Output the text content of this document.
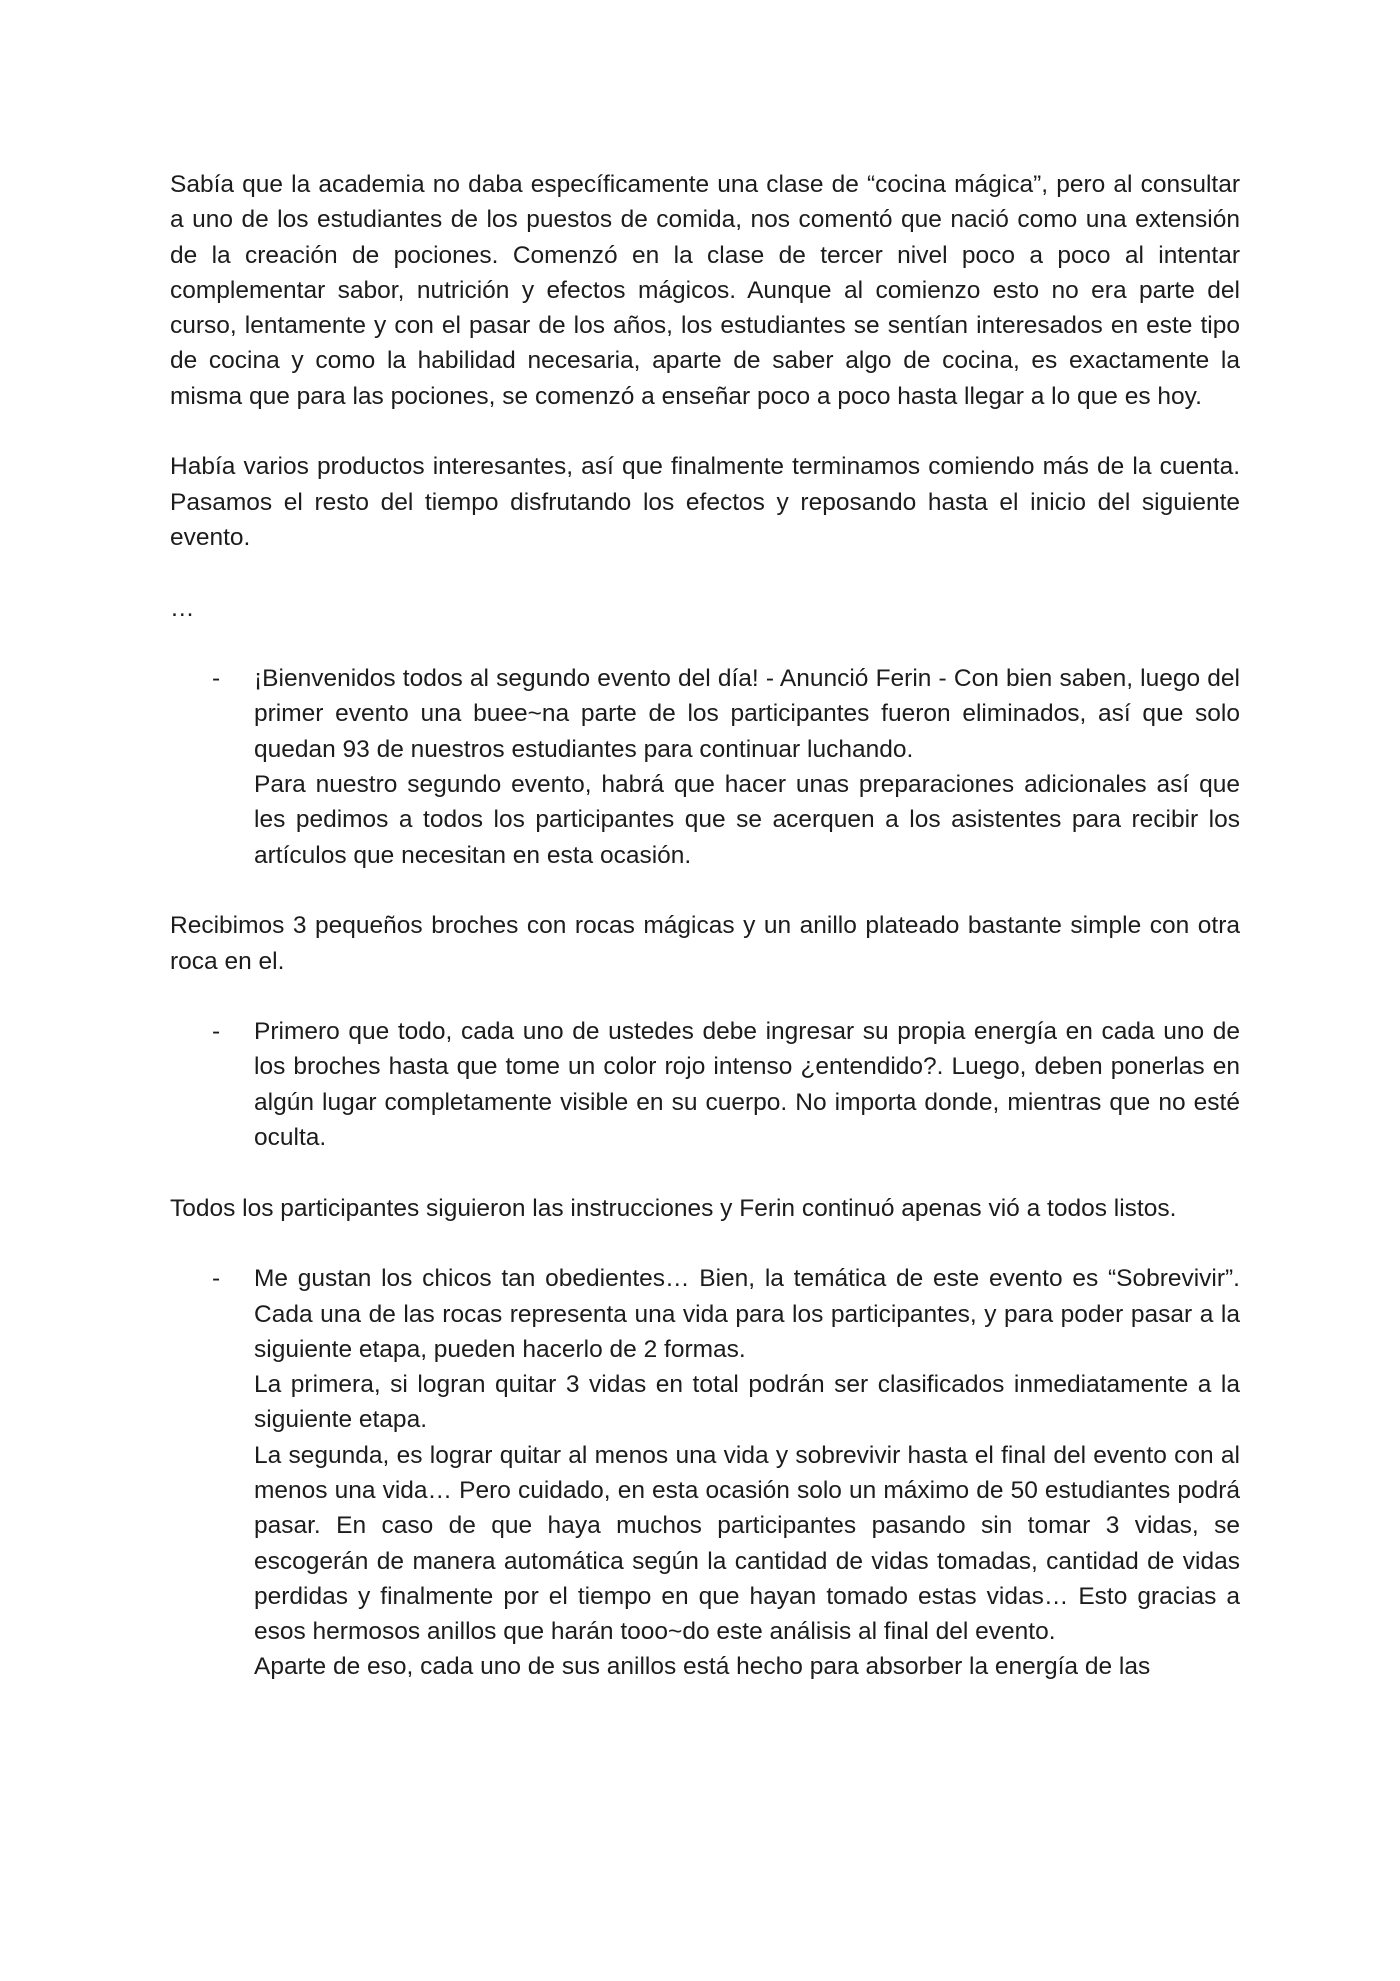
Sabía que la academia no daba específicamente una clase de “cocina mágica”, pero al consultar a uno de los estudiantes de los puestos de comida, nos comentó que nació como una extensión de la creación de pociones. Comenzó en la clase de tercer nivel poco a poco al intentar complementar sabor, nutrición y efectos mágicos. Aunque al comienzo esto no era parte del curso, lentamente y con el pasar de los años, los estudiantes se sentían interesados en este tipo de cocina y como la habilidad necesaria, aparte de saber algo de cocina, es exactamente la misma que para las pociones, se comenzó a enseñar poco a poco hasta llegar a lo que es hoy.

Había varios productos interesantes, así que finalmente terminamos comiendo más de la cuenta. Pasamos el resto del tiempo disfrutando los efectos y reposando hasta el inicio del siguiente evento.

…

- ¡Bienvenidos todos al segundo evento del día! - Anunció Ferin - Con bien saben, luego del primer evento una buee~na parte de los participantes fueron eliminados, así que solo quedan 93 de nuestros estudiantes para continuar luchando.

Para nuestro segundo evento, habrá que hacer unas preparaciones adicionales así que les pedimos a todos los participantes que se acerquen a los asistentes para recibir los artículos que necesitan en esta ocasión.

Recibimos 3 pequeños broches con rocas mágicas y un anillo plateado bastante simple con otra roca en el.

- Primero que todo, cada uno de ustedes debe ingresar su propia energía en cada uno de los broches hasta que tome un color rojo intenso ¿entendido?. Luego, deben ponerlas en algún lugar completamente visible en su cuerpo. No importa donde, mientras que no esté oculta.

Todos los participantes siguieron las instrucciones y Ferin continuó apenas vió a todos listos.

- Me gustan los chicos tan obedientes… Bien, la temática de este evento es “Sobrevivir”. Cada una de las rocas representa una vida para los participantes, y para poder pasar a la siguiente etapa, pueden hacerlo de 2 formas.

La primera, si logran quitar 3 vidas en total podrán ser clasificados inmediatamente a la siguiente etapa.

La segunda, es lograr quitar al menos una vida y sobrevivir hasta el final del evento con al menos una vida… Pero cuidado, en esta ocasión solo un máximo de 50 estudiantes podrá pasar. En caso de que haya muchos participantes pasando sin tomar 3 vidas, se escogerán de manera automática según la cantidad de vidas tomadas, cantidad de vidas perdidas y finalmente por el tiempo en que hayan tomado estas vidas… Esto gracias a esos hermosos anillos que harán tooo~do este análisis al final del evento.

Aparte de eso, cada uno de sus anillos está hecho para absorber la energía de las
